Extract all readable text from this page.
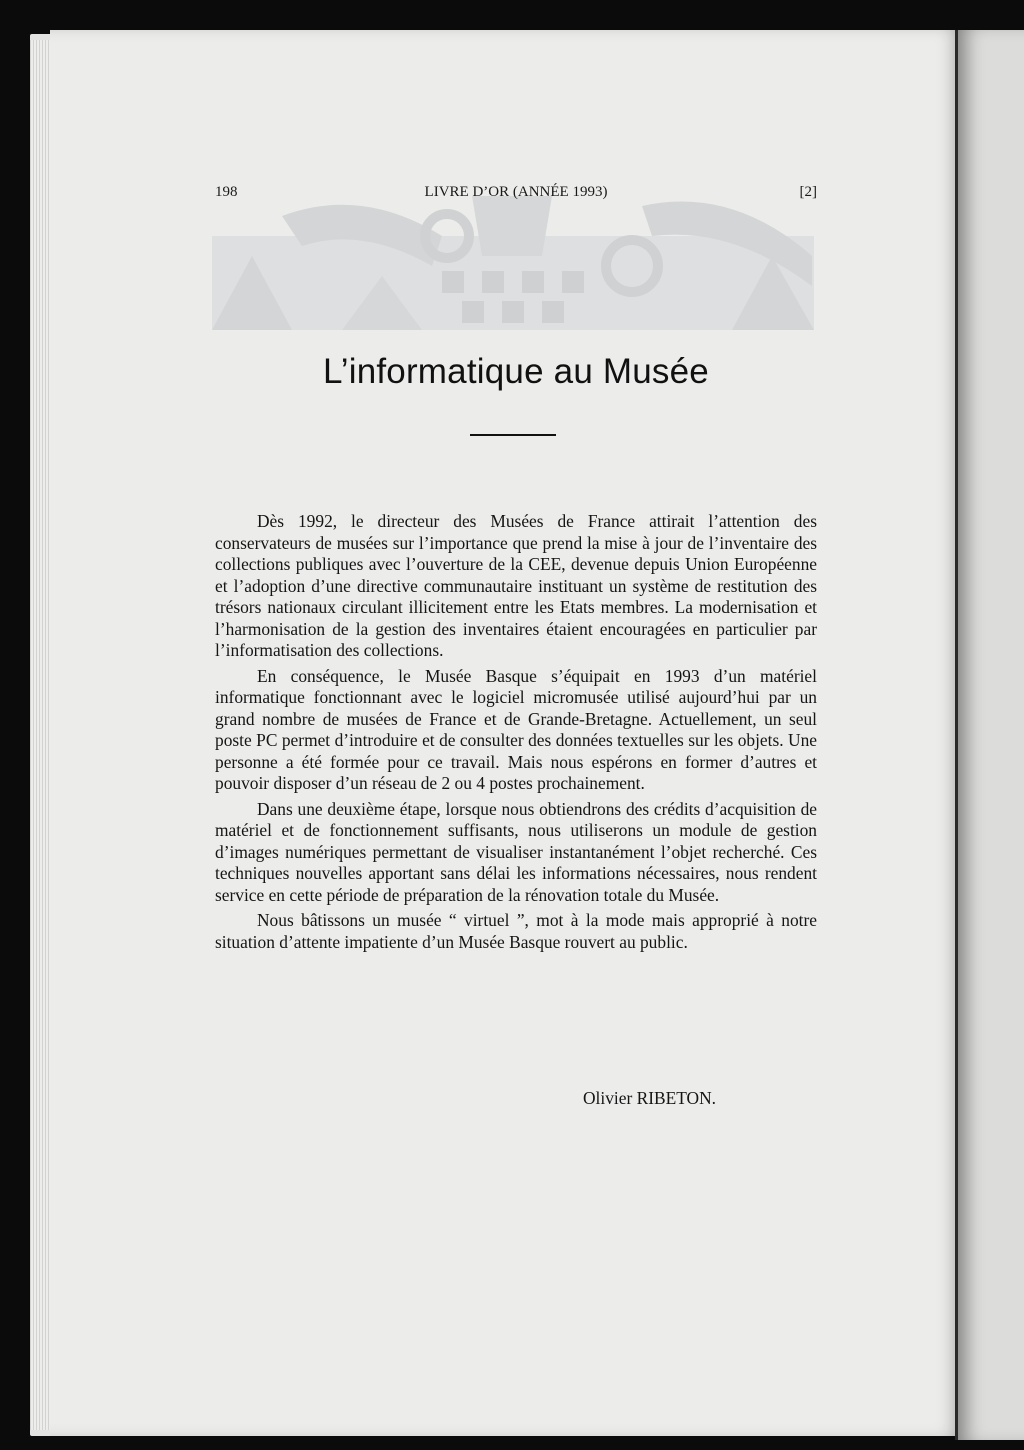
198	LIVRE D’OR (ANNÉE 1993)	[2]
L’informatique au Musée

Dès 1992, le directeur des Musées de France attirait l’attention des conservateurs de musées sur l’importance que prend la mise à jour de l’inventaire des collections publiques avec l’ouverture de la CEE, devenue depuis Union Européenne et l’adoption d’une directive communautaire instituant un système de restitution des trésors nationaux circulant illicitement entre les Etats membres. La modernisation et l’harmonisation de la gestion des inventaires étaient encouragées en particulier par l’informatisation des collections.

En conséquence, le Musée Basque s’équipait en 1993 d’un matériel informatique fonctionnant avec le logiciel micromusée utilisé aujourd’hui par un grand nombre de musées de France et de Grande-Bretagne. Actuellement, un seul poste PC permet d’introduire et de consulter des données textuelles sur les objets. Une personne a été formée pour ce travail. Mais nous espérons en former d’autres et pouvoir disposer d’un réseau de 2 ou 4 postes prochainement.

Dans une deuxième étape, lorsque nous obtiendrons des crédits d’acquisition de matériel et de fonctionnement suffisants, nous utiliserons un module de gestion d’images numériques permettant de visualiser instantanément l’objet recherché. Ces techniques nouvelles apportant sans délai les informations nécessaires, nous rendent service en cette période de préparation de la rénovation totale du Musée.

Nous bâtissons un musée “ virtuel ”, mot à la mode mais approprié à notre situation d’attente impatiente d’un Musée Basque rouvert au public.

Olivier RIBETON.
